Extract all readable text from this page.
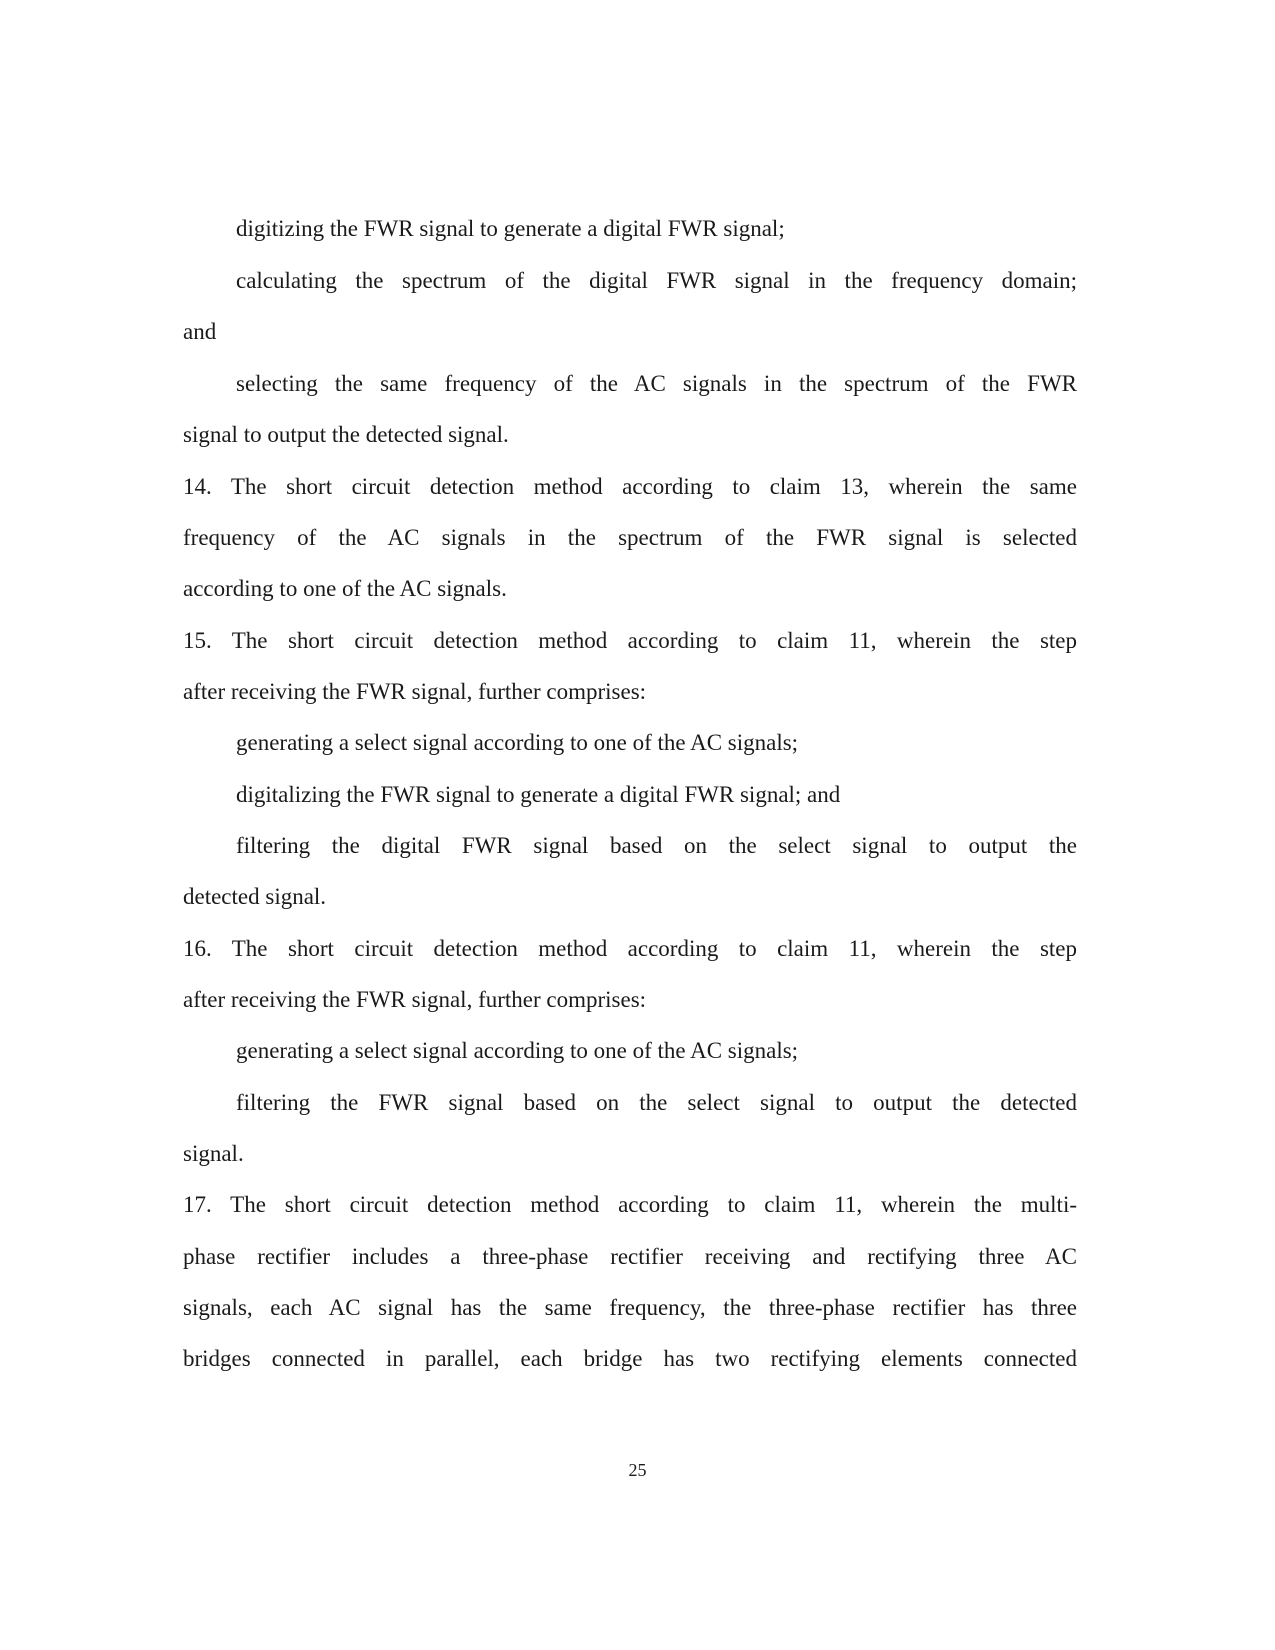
digitizing the FWR signal to generate a digital FWR signal;
calculating the spectrum of the digital FWR signal in the frequency domain;
and
selecting the same frequency of the AC signals in the spectrum of the FWR
signal to output the detected signal.
14. The short circuit detection method according to claim 13, wherein the same
frequency of the AC signals in the spectrum of the FWR signal is selected
according to one of the AC signals.
15. The short circuit detection method according to claim 11, wherein the step
after receiving the FWR signal, further comprises:
generating a select signal according to one of the AC signals;
digitalizing the FWR signal to generate a digital FWR signal; and
filtering the digital FWR signal based on the select signal to output the
detected signal.
16. The short circuit detection method according to claim 11, wherein the step
after receiving the FWR signal, further comprises:
generating a select signal according to one of the AC signals;
filtering the FWR signal based on the select signal to output the detected
signal.
17. The short circuit detection method according to claim 11, wherein the multi-
phase rectifier includes a three-phase rectifier receiving and rectifying three AC
signals, each AC signal has the same frequency, the three-phase rectifier has three
bridges connected in parallel, each bridge has two rectifying elements connected
25
